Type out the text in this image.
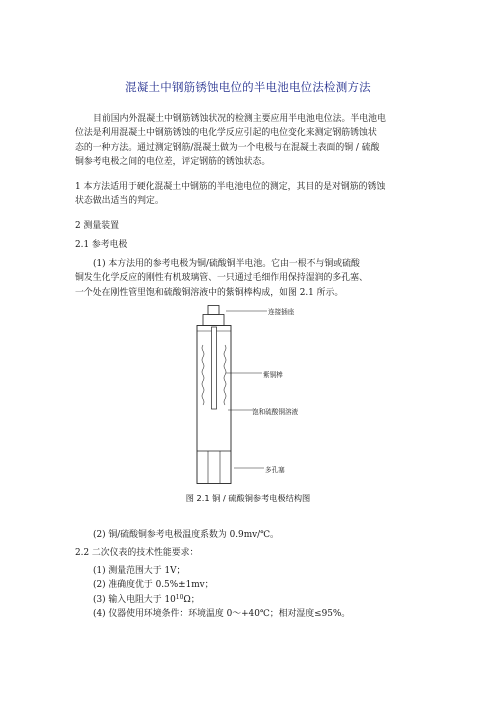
混凝土中钢筋锈蚀电位的半电池电位法检测方法
目前国内外混凝土中钢筋锈蚀状况的检测主要应用半电池电位法。半电池电
位法是利用混凝土中钢筋锈蚀的电化学反应引起的电位变化来测定钢筋锈蚀状
态的一种方法。通过测定钢筋/混凝土做为一个电极与在混凝土表面的铜 / 硫酸
铜参考电极之间的电位差，评定钢筋的锈蚀状态。
1 本方法适用于硬化混凝土中钢筋的半电池电位的测定，其目的是对钢筋的锈蚀
状态做出适当的判定。
2 测量装置
2.1 参考电极
(1) 本方法用的参考电极为铜/硫酸铜半电池。它由一根不与铜或硫酸
铜发生化学反应的刚性有机玻璃管、一只通过毛细作用保持湿润的多孔塞、
一个处在刚性管里饱和硫酸铜溶液中的紫铜棒构成，如图 2.1 所示。
连接插座
紫铜棒
饱和硫酸铜溶液
多孔塞
图 2.1 铜 / 硫酸铜参考电极结构图
(2) 铜/硫酸铜参考电极温度系数为 0.9mv/℃。
2.2 二次仪表的技术性能要求：
(1) 测量范围大于 1V；
(2) 准确度优于 0.5%±1mv；
(3) 输入电阻大于 $10^{10}\Omega$；
(4) 仪器使用环境条件：环境温度 0～+40℃；相对湿度≤95%。
